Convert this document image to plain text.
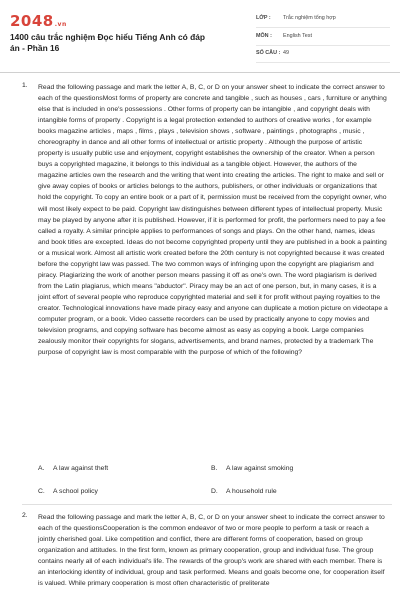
2048.vn
1400 câu trắc nghiệm Đọc hiểu Tiếng Anh có đáp án - Phần 16
LỚP : Trắc nghiệm tổng hợp
MÔN : English Test
SỐ CÂU : 49
1. Read the following passage and mark the letter A, B, C, or D on your answer sheet to indicate the correct answer to each of the questionsMost forms of property are concrete and tangible , such as houses , cars , furniture or anything else that is included in one's possessions . Other forms of property can be intangible , and copyright deals with intangible forms of property . Copyright is a legal protection extended to authors of creative works , for example books magazine articles , maps , films , plays , television shows , software , paintings , photographs , music , choreography in dance and all other forms of intellectual or artistic property . Although the purpose of artistic property is usually public use and enjoyment, copyright establishes the ownership of the creator. When a person buys a copyrighted magazine, it belongs to this individual as a tangible object. However, the authors of the magazine articles own the research and the writing that went into creating the articles. The right to make and sell or give away copies of books or articles belongs to the authors, publishers, or other individuals or organizations that hold the copyright. To copy an entire book or a part of it, permission must be received from the copyright owner, who will most likely expect to be paid. Copyright law distinguishes between different types of intellectual property. Music may be played by anyone after it is published. However, if it is performed for profit, the performers need to pay a fee called a royalty. A similar principle applies to performances of songs and plays. On the other hand, names, ideas and book titles are excepted. Ideas do not become copyrighted property until they are published in a book a painting or a musical work. Almost all artistic work created before the 20th century is not copyrighted because it was created before the copyright law was passed. The two common ways of infringing upon the copyright are plagiarism and piracy. Plagiarizing the work of another person means passing it off as one's own. The word plagiarism is derived from the Latin plagiarus, which means "abductor". Piracy may be an act of one person, but, in many cases, it is a joint effort of several people who reproduce copyrighted material and sell it for profit without paying royalties to the creator. Technological innovations have made piracy easy and anyone can duplicate a motion picture on videotape a computer program, or a book. Video cassette recorders can be used by practically anyone to copy movies and television programs, and copying software has become almost as easy as copying a book. Large companies zealously monitor their copyrights for slogans, advertisements, and brand names, protected by a trademark The purpose of copyright law is most comparable with the purpose of which of the following?
A. A law against theft	B. A law against smoking
C. A school policy	D. A household rule
2. Read the following passage and mark the letter A, B, C, or D on your answer sheet to indicate the correct answer to each of the questionsCooperation is the common endeavor of two or more people to perform a task or reach a jointly cherished goal. Like competition and conflict, there are different forms of cooperation, based on group organization and attitudes. In the first form, known as primary cooperation, group and individual fuse. The group contains nearly all of each individual's life. The rewards of the group's work are shared with each member. There is an interlocking identity of individual, group and task performed. Means and goals become one, for cooperation itself is valued. While primary cooperation is most often characteristic of preliterate
